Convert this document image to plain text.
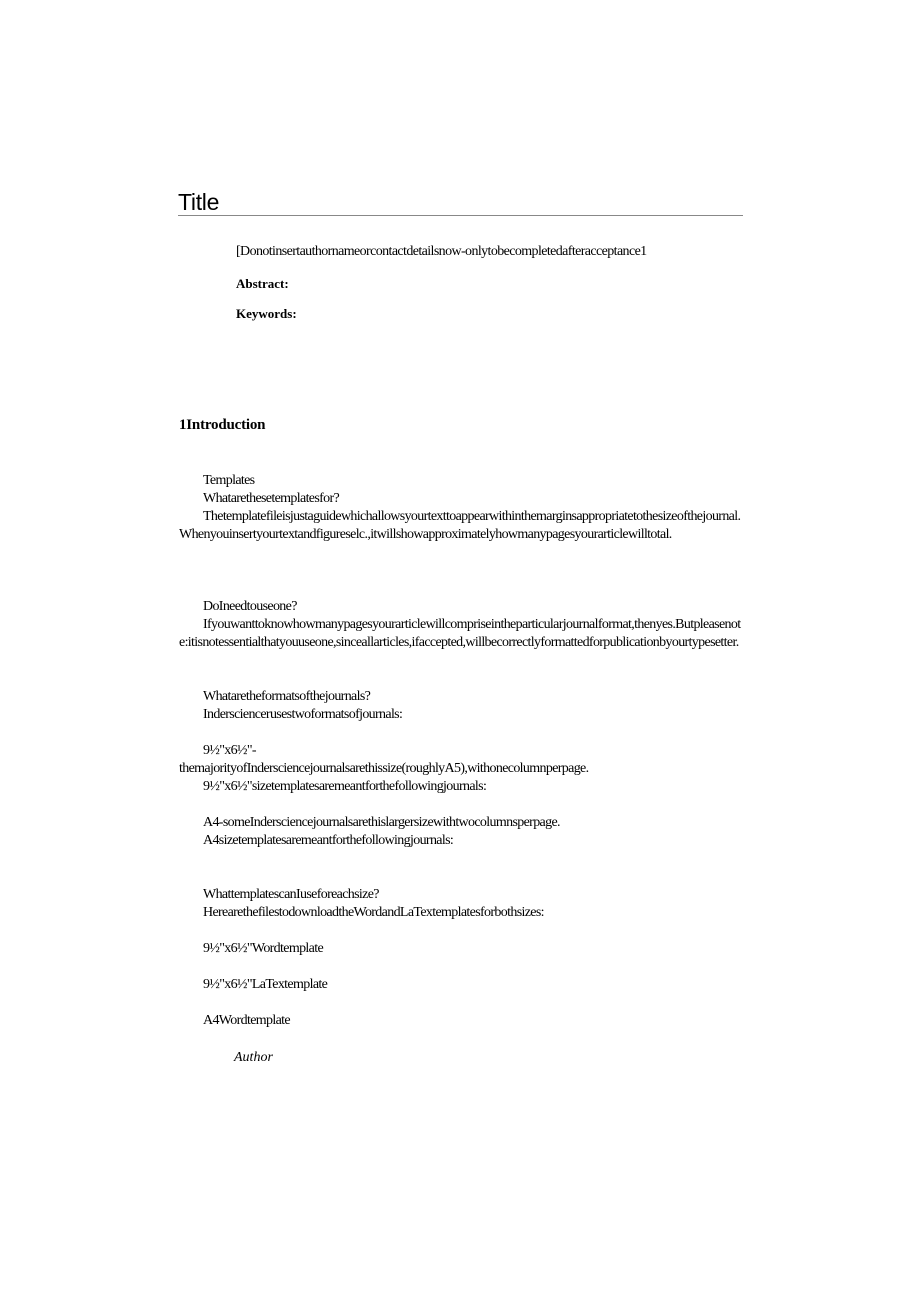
Title
[Donotinsertauthornameorcontactdetailsnow-onlytobecompletedafteracceptance1
Abstract:
Keywords:
1Introduction
Templates
Whatarethesetemplatesfor?

Thetemplatefileisjustaguidewhichallowsyourtexttoappearwithinthemarginsappropriatetothesizeofthejournal.Whenyouinsertyourtextandfigureselc.,itwillshowapproximatelyhowmanypagesyourarticlewilltotal.

DoIneedtouseone?

Ifyouwanttoknowhowmanypagesyourarticlewillcompriseintheparticularjournalformat,thenyes.Butpleasenote:itisnotessentialthatyouuseone,sinceallarticles,ifaccepted,willbecorrectlyformattedforpublicationbyourtypesetter.

Whataretheformatsofthejournals?
Indersciencerusestwoformatsofjournals:
9½"x6½"-
themajorityofIndersciencejournalsarethissize(roughlyA5),withonecolumnperpage.
9½"x6½"sizetemplatesaremeantforthefollowingjournals:
A4-someIndersciencejournalsarethislargersizewithtwocolumnsperpage.
A4sizetemplatesaremeantforthefollowingjournals:
WhattemplatescanIuseforeachsize?
HerearethefilestodownloadtheWordandLaTextemplatesforbothsizes:
9½"x6½"Wordtemplate
9½"x6½"LaTextemplate
A4Wordtemplate
Author
